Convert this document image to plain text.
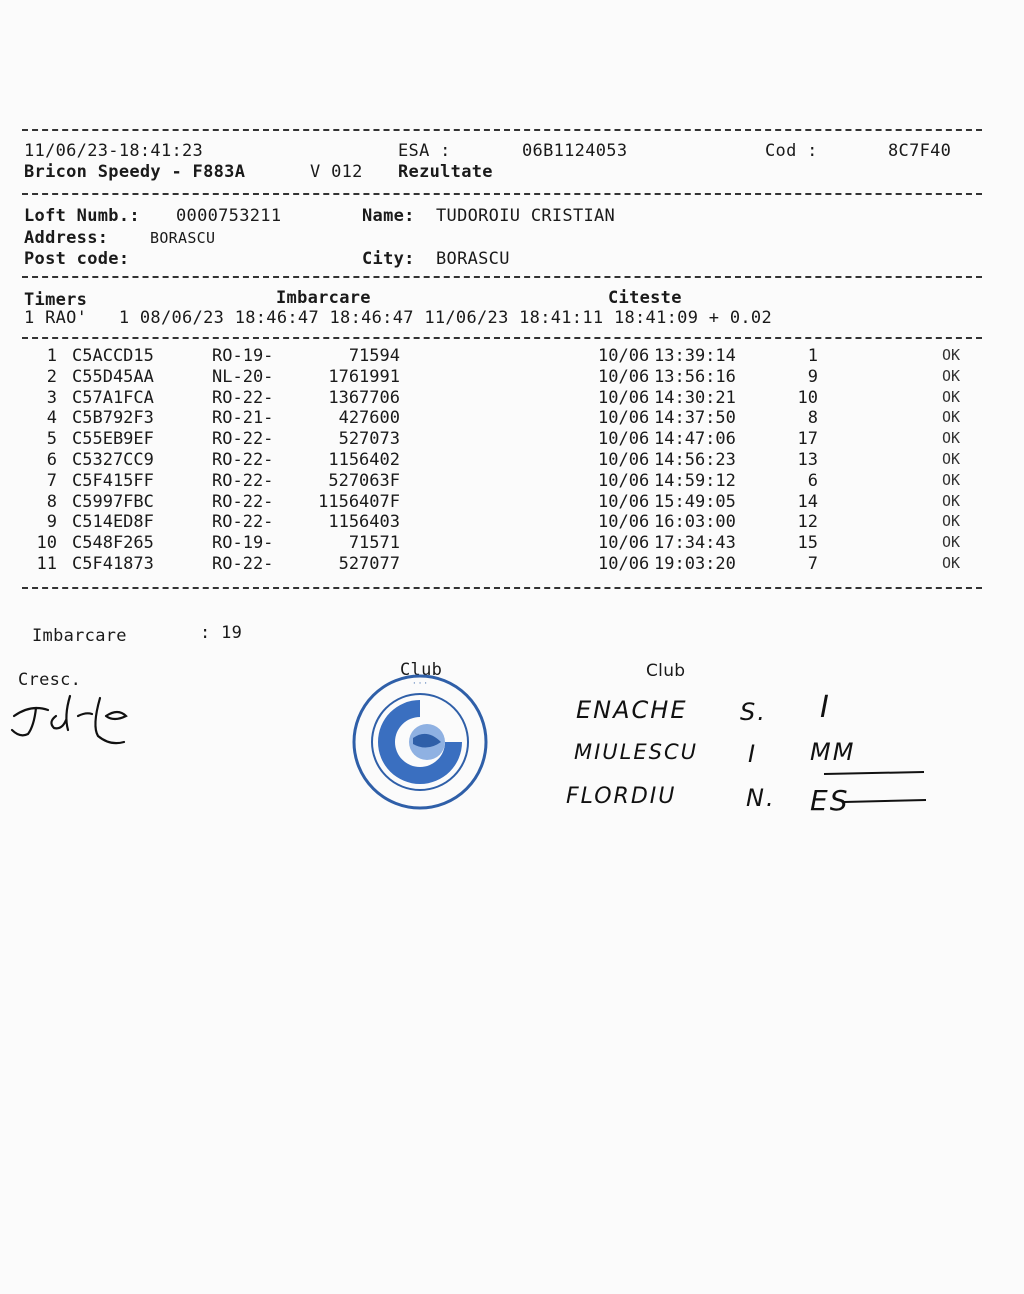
11/06/23-18:41:23	ESA :	06B1124053	Cod :	8C7F40
Bricon Speedy - F883A	V 012 Rezultate
Loft Numb.: 0000753211	Name: TUDOROIU CRISTIAN
Address:	BORASCU
Post code:	City: BORASCU
Timers	Imbarcare	Citeste
1 RAO'   1 08/06/23 18:46:47 18:46:47 11/06/23 18:41:11 18:41:09 + 0.02
1 C5ACCD15	RO-19-	71594	10/06 13:39:14	1	OK
2 C55D45AA	NL-20-	1761991	10/06 13:56:16	9	OK
3 C57A1FCA	RO-22-	1367706	10/06 14:30:21	10	OK
4 C5B792F3	RO-21-	427600	10/06 14:37:50	8	OK
5 C55EB9EF	RO-22-	527073	10/06 14:47:06	17	OK
6 C5327CC9	RO-22-	1156402	10/06 14:56:23	13	OK
7 C5F415FF	RO-22-	527063F	10/06 14:59:12	6	OK
8 C5997FBC	RO-22-	1156407F	10/06 15:49:05	14	OK
9 C514ED8F	RO-22-	1156403	10/06 16:03:00	12	OK
10 C548F265	RO-19-	71571	10/06 17:34:43	15	OK
11 C5F41873	RO-22-	527077	10/06 19:03:20	7	OK
Imbarcare	: 19
Cresc.	Club
· · ·
Club
ENACHE S. I
MIULESCU I MM
FLORDIU	N. ES
